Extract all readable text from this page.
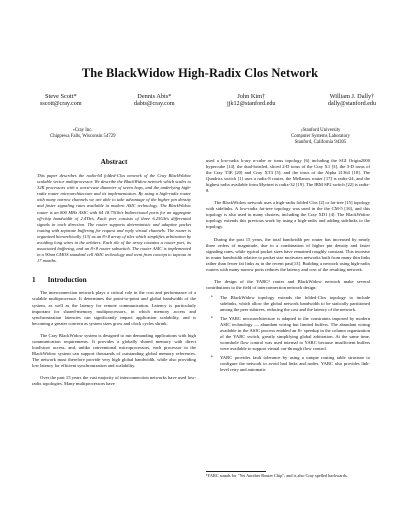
The BlackWidow High-Radix Clos Network
Steve Scott*
sscott@cray.com
Dennis Abts*
dabts@cray.com
John Kim†
jjk12@stanford.edu
William J. Dally†
dally@stanford.edu
*Cray Inc.
Chippewa Falls, Wisconsin 54729
†Stanford University
Computer Systems Laboratory
Stanford, California 94305
Abstract
This paper describes the radix-64 folded-Clos network of the Cray BlackWidow scalable vector multiprocessor. We describe the BlackWidow network which scales to 32K processors with a worst-case diameter of seven hops, and the underlying high-radix router microarchitecture and its implementation. By using a high-radix router with many narrow channels we are able to take advantage of the higher pin density and faster signaling rates available in modern ASIC technology. The BlackWidow router is an 800 MHz ASIC with 64 18.75Gb/s bidirectional ports for an aggregate off-chip bandwidth of 2.4Tb/s. Each port consists of three 6.25Gb/s differential signals in each direction. The router supports deterministic and adaptive packet routing with separate buffering for request and reply virtual channels. The router is organized hierarchically [13] as an 8×8 array of tiles which simplifies arbitration by avoiding long wires in the arbiters. Each tile of the array contains a router port, its associated buffering, and an 8×8 router subswitch. The router ASIC is implemented in a 90nm CMOS standard cell ASIC technology and went from concept to tapeout in 17 months.
1 Introduction

The interconnection network plays a critical role in the cost and performance of a scalable multiprocessor. It determines the point-to-point and global bandwidth of the system, as well as the latency for remote communication. Latency is particularly important for shared-memory multiprocessors, in which memory access and synchronization latencies can significantly impact application scalability, and is becoming a greater concern as system sizes grow and clock cycles shrink.

The Cray BlackWidow system is designed to run demanding applications with high communication requirements. It provides a globally shared memory with direct load/store access, and, unlike conventional microprocessors, each processor in the BlackWidow system can support thousands of outstanding global memory references. The network must therefore provide very high global bandwidth, while also providing low latency for efficient synchronization and scalability.

Over the past 15 years the vast majority of interconnection networks have used low-radix topologies. Many multiprocessors have

used a low-radix k-ary n-cube or torus topology [6] including the SGI Origin2000 hypercube [14], the dual-bristled, sliced 2-D torus of the Cray X1 [3], the 3-D torus of the Cray T3E [20] and Cray XT3 [5], and the torus of the Alpha 21364 [18]. The Quadrics switch [1] uses a radix-8 router, the Mellanox router [17] is radix-24, and the highest radix available from Myrinet is radix-32 [19]. The IBM SP2 switch [22] is radix-8.

The BlackWidow network uses a high-radix folded Clos [2] or fat-tree [15] topology with sidelinks. A low-radix fat-tree topology was used in the the CM-5 [16], and this topology is also used in many clusters, including the Cray XD1 [4]. The BlackWidow topology extends this previous work by using a high-radix and adding sidelinks to the topology.

During the past 15 years, the total bandwidth per router has increased by nearly three orders of magnitude, due to a combination of higher pin density and faster signaling rates, while typical packet sizes have remained roughly constant. This increase in router bandwidth relative to packet size motivates networks built from many thin links rather than fewer fat links as in the recent past[13]. Building a network using high-radix routers with many narrow ports reduces the latency and cost of the resulting network.

The design of the YARC¹ router and BlackWidow network make several contributions to the field of interconnection network design:

• The BlackWidow topology extends the folded-Clos topology to include sidelinks, which allow the global network bandwidth to be statically partitioned among the peer subtrees, reducing the cost and the latency of the network.
• The YARC microarchitecture is adapted to the constraints imposed by modern ASIC technology — abundant wiring but limited buffers. The abundant wiring available in the ASIC process enabled an 8× speedup in the column organization of the YARC switch, greatly simplifying global arbitration. At the same time, wormhole flow control was used internal to YARC because insufficient buffers were available to support virtual cut-through flow control.
• YARC provides fault tolerance by using a unique routing table structure to configure the network to avoid bad links and nodes. YARC also provides link-level retry and automatic
¹YARC stands for "Yet Another Router Chip", and is also Cray spelled backwards.
